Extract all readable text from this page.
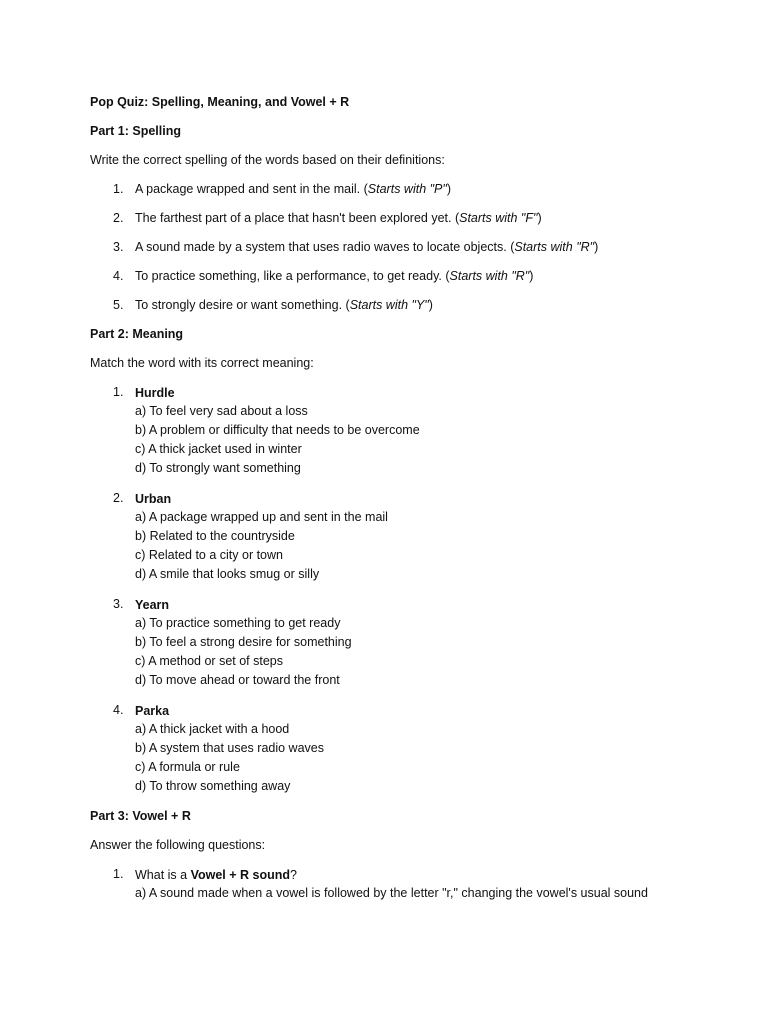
Pop Quiz: Spelling, Meaning, and Vowel + R

Part 1: Spelling

Write the correct spelling of the words based on their definitions:

1. A package wrapped and sent in the mail. (Starts with "P")
2. The farthest part of a place that hasn't been explored yet. (Starts with "F")
3. A sound made by a system that uses radio waves to locate objects. (Starts with "R")
4. To practice something, like a performance, to get ready. (Starts with "R")
5. To strongly desire or want something. (Starts with "Y")

Part 2: Meaning

Match the word with its correct meaning:

1. Hurdle
a) To feel very sad about a loss
b) A problem or difficulty that needs to be overcome
c) A thick jacket used in winter
d) To strongly want something
2. Urban
a) A package wrapped up and sent in the mail
b) Related to the countryside
c) Related to a city or town
d) A smile that looks smug or silly
3. Yearn
a) To practice something to get ready
b) To feel a strong desire for something
c) A method or set of steps
d) To move ahead or toward the front
4. Parka
a) A thick jacket with a hood
b) A system that uses radio waves
c) A formula or rule
d) To throw something away

Part 3: Vowel + R

Answer the following questions:

1. What is a Vowel + R sound?
a) A sound made when a vowel is followed by the letter "r," changing the vowel's usual sound
